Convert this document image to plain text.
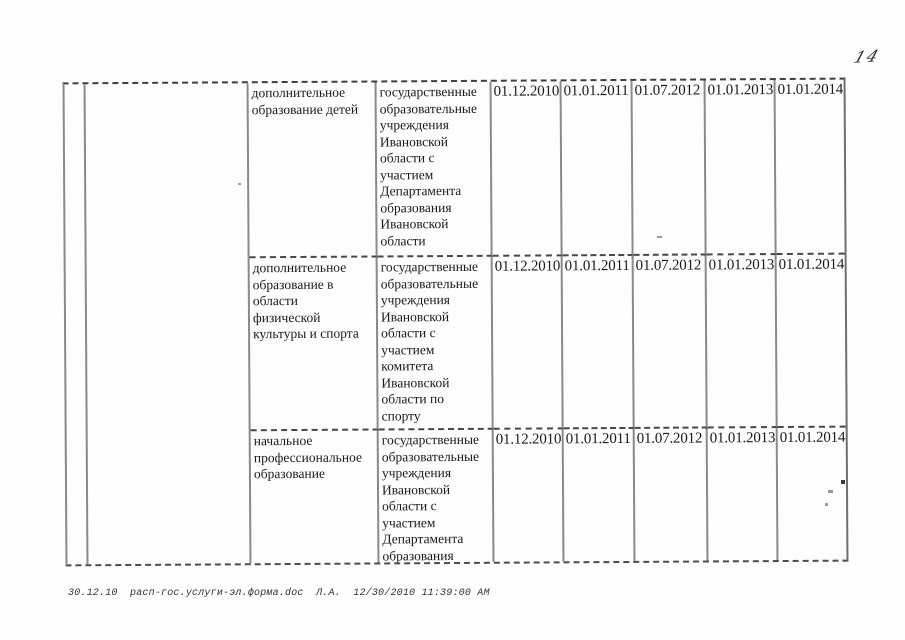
14
дополнительное
образование детей
государственные
образовательные
учреждения
Ивановской
области с
участием
Департамента
образования
Ивановской
области
01.12.2010 01.01.2011 01.07.2012 01.01.2013 01.01.2014
дополнительное
образование в
области
физической
культуры и спорта
государственные
образовательные
учреждения
Ивановской
области с
участием
комитета
Ивановской
области по
спорту
01.12.2010 01.01.2011 01.07.2012 01.01.2013 01.01.2014
начальное
профессиональное
образование
государственные
образовательные
учреждения
Ивановской
области с
участием
Департамента
образования
01.12.2010 01.01.2011 01.07.2012 01.01.2013 01.01.2014
30.12.10  расп-гос.услуги-эл.форма.doc  Л.А.  12/30/2010 11:39:00 AM
